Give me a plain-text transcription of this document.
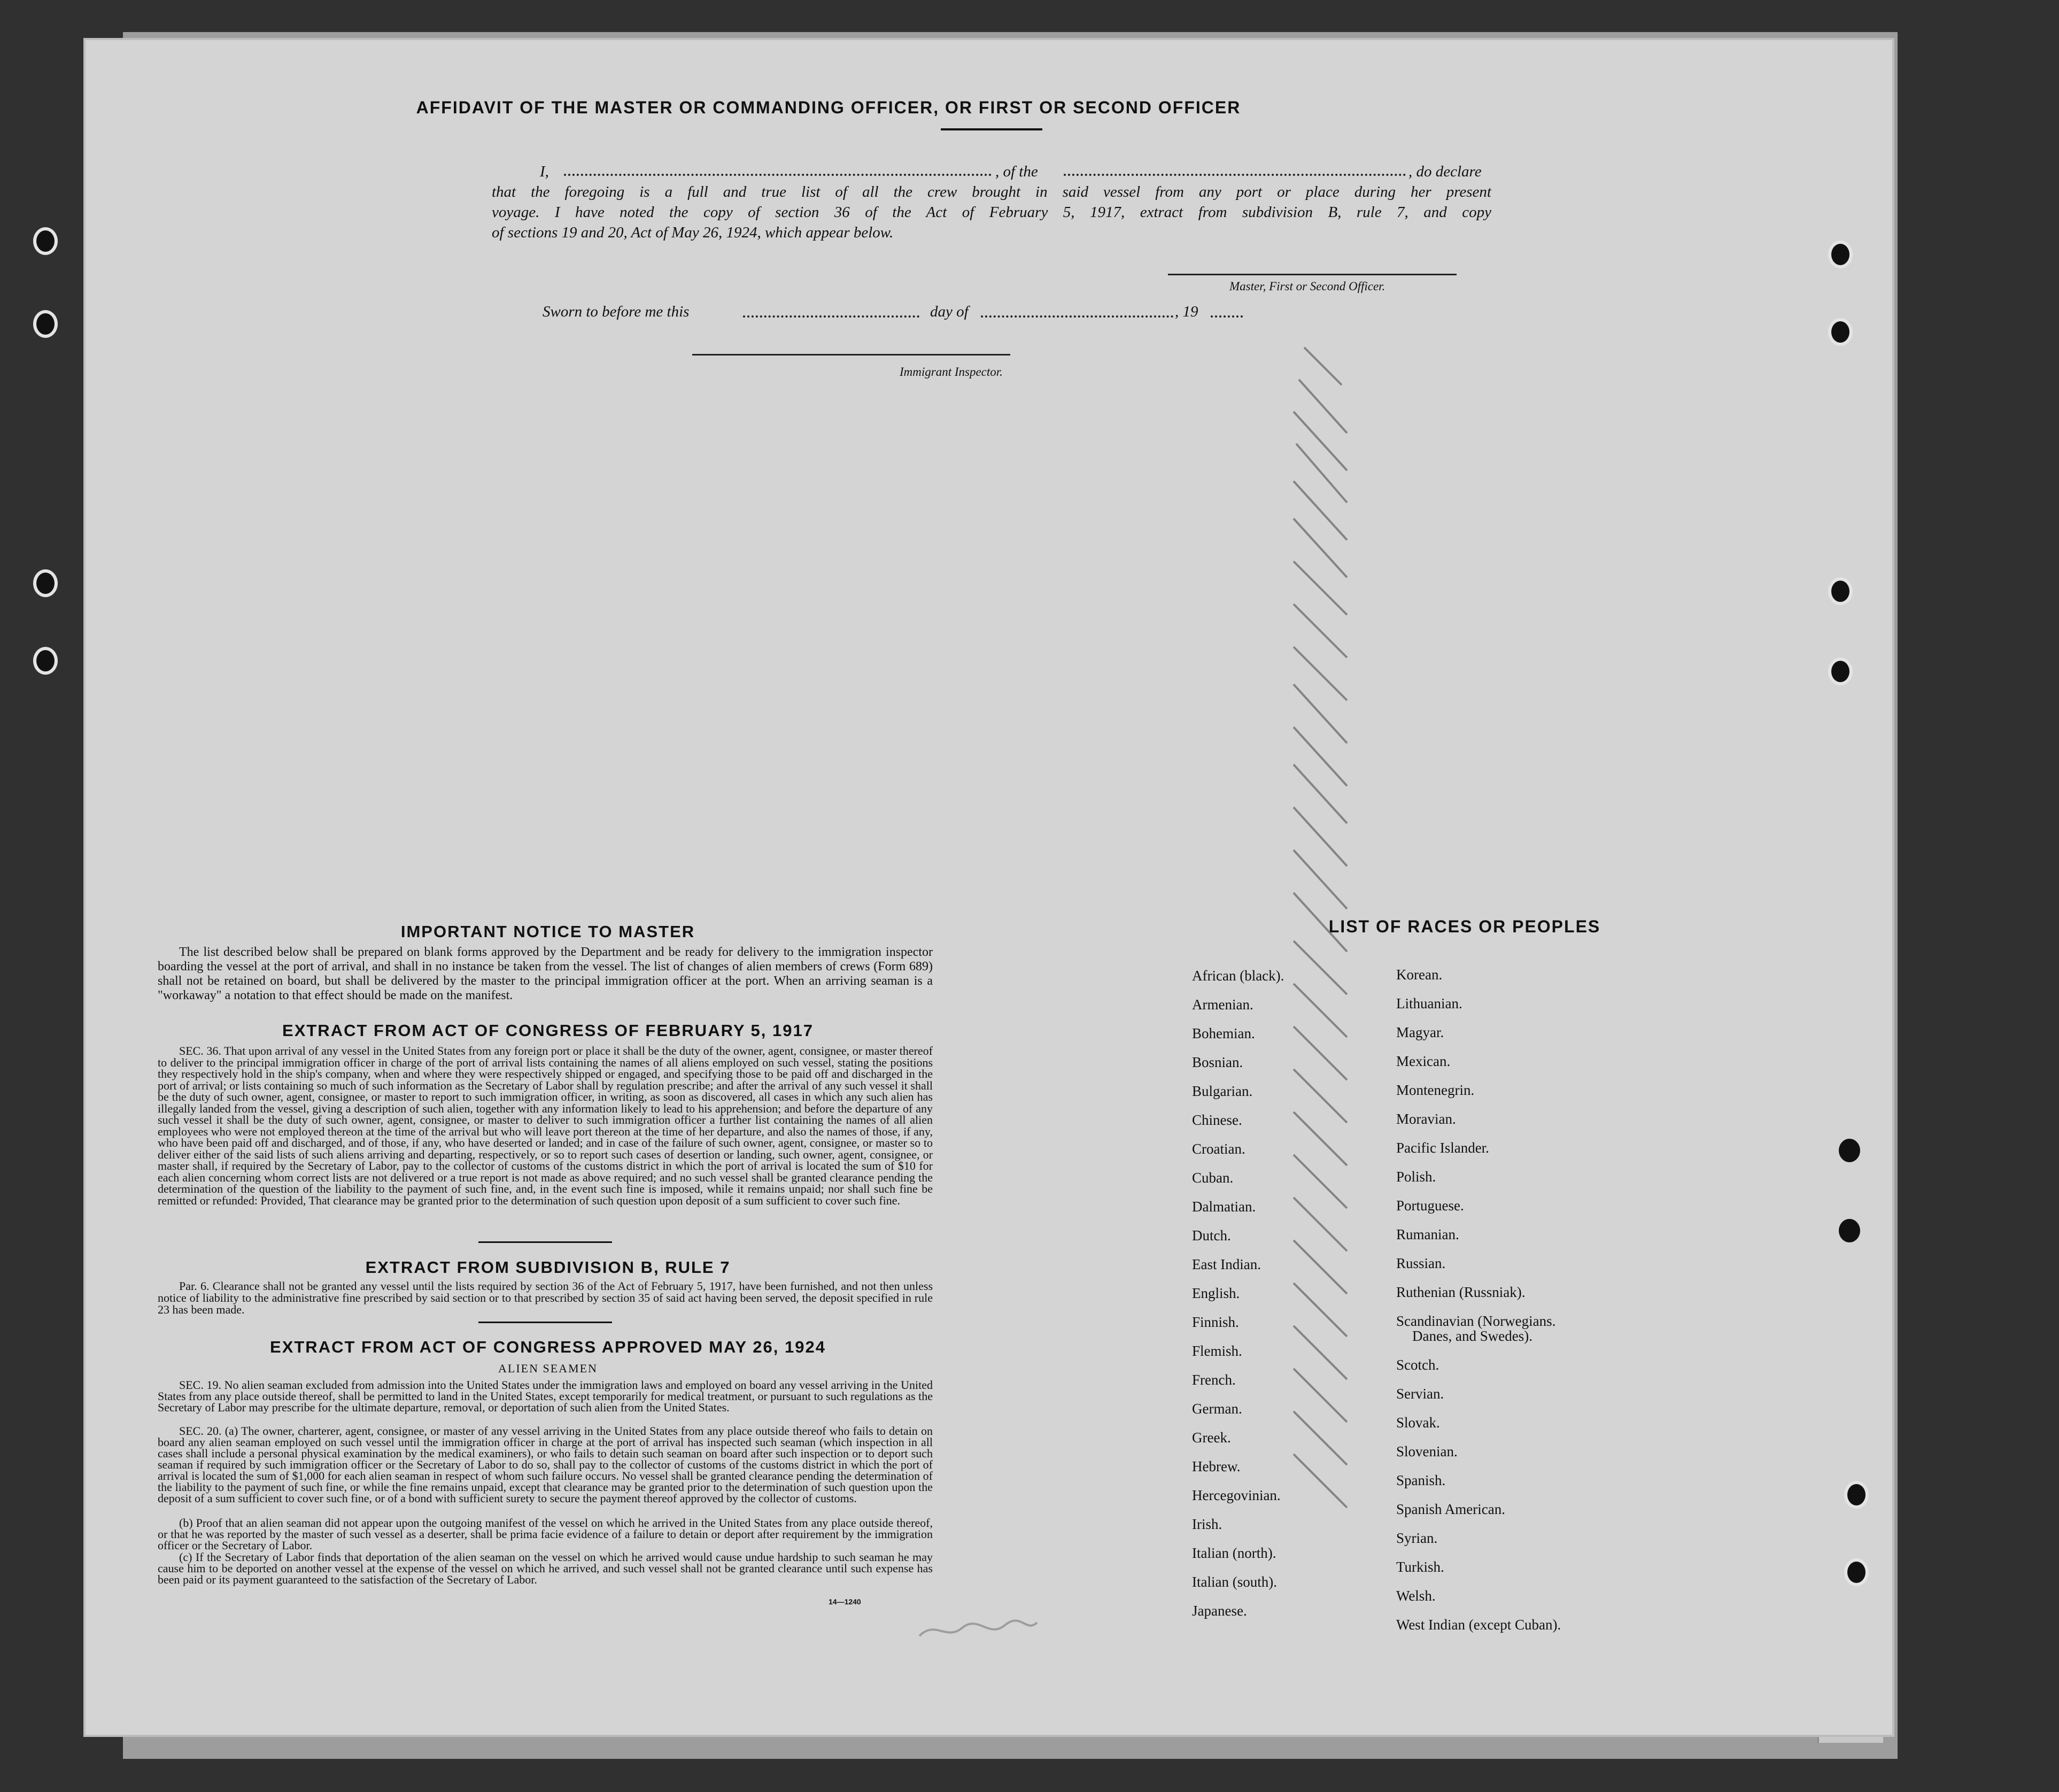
AFFIDAVIT OF THE MASTER OR COMMANDING OFFICER, OR FIRST OR SECOND OFFICER
I,	, of the	, do declare
that the foregoing is a full and true list of all the crew brought in said vessel from any port or place during her present
voyage. I have noted the copy of section 36 of the Act of February 5, 1917, extract from subdivision B, rule 7, and copy
of sections 19 and 20, Act of May 26, 1924, which appear below.
Master, First or Second Officer.
Sworn to before me this	day of	, 19
Immigrant Inspector.
IMPORTANT NOTICE TO MASTER
The list described below shall be prepared on blank forms approved by the Department and be ready for delivery to the immigration inspector boarding the vessel at the port of arrival, and shall in no instance be taken from the vessel. The list of changes of alien members of crews (Form 689) shall not be retained on board, but shall be delivered by the master to the principal immigration officer at the port. When an arriving seaman is a "workaway" a notation to that effect should be made on the manifest.
EXTRACT FROM ACT OF CONGRESS OF FEBRUARY 5, 1917
SEC. 36. That upon arrival of any vessel in the United States from any foreign port or place it shall be the duty of the owner, agent, consignee, or master thereof to deliver to the principal immigration officer in charge of the port of arrival lists containing the names of all aliens employed on such vessel, stating the positions they respectively hold in the ship's company, when and where they were respectively shipped or engaged, and specifying those to be paid off and discharged in the port of arrival; or lists containing so much of such information as the Secretary of Labor shall by regulation prescribe; and after the arrival of any such vessel it shall be the duty of such owner, agent, consignee, or master to report to such immigration officer, in writing, as soon as discovered, all cases in which any such alien has illegally landed from the vessel, giving a description of such alien, together with any information likely to lead to his apprehension; and before the departure of any such vessel it shall be the duty of such owner, agent, consignee, or master to deliver to such immigration officer a further list containing the names of all alien employees who were not employed thereon at the time of the arrival but who will leave port thereon at the time of her departure, and also the names of those, if any, who have been paid off and discharged, and of those, if any, who have deserted or landed; and in case of the failure of such owner, agent, consignee, or master so to deliver either of the said lists of such aliens arriving and departing, respectively, or so to report such cases of desertion or landing, such owner, agent, consignee, or master shall, if required by the Secretary of Labor, pay to the collector of customs of the customs district in which the port of arrival is located the sum of $10 for each alien concerning whom correct lists are not delivered or a true report is not made as above required; and no such vessel shall be granted clearance pending the determination of the question of the liability to the payment of such fine, and, in the event such fine is imposed, while it remains unpaid; nor shall such fine be remitted or refunded: Provided, That clearance may be granted prior to the determination of such question upon deposit of a sum sufficient to cover such fine.
EXTRACT FROM SUBDIVISION B, RULE 7
Par. 6. Clearance shall not be granted any vessel until the lists required by section 36 of the Act of February 5, 1917, have been furnished, and not then unless notice of liability to the administrative fine prescribed by said section or to that prescribed by section 35 of said act having been served, the deposit specified in rule 23 has been made.
EXTRACT FROM ACT OF CONGRESS APPROVED MAY 26, 1924
ALIEN SEAMEN
SEC. 19. No alien seaman excluded from admission into the United States under the immigration laws and employed on board any vessel arriving in the United States from any place outside thereof, shall be permitted to land in the United States, except temporarily for medical treatment, or pursuant to such regulations as the Secretary of Labor may prescribe for the ultimate departure, removal, or deportation of such alien from the United States.
SEC. 20. (a) The owner, charterer, agent, consignee, or master of any vessel arriving in the United States from any place outside thereof who fails to detain on board any alien seaman employed on such vessel until the immigration officer in charge at the port of arrival has inspected such seaman (which inspection in all cases shall include a personal physical examination by the medical examiners), or who fails to detain such seaman on board after such inspection or to deport such seaman if required by such immigration officer or the Secretary of Labor to do so, shall pay to the collector of customs of the customs district in which the port of arrival is located the sum of $1,000 for each alien seaman in respect of whom such failure occurs. No vessel shall be granted clearance pending the determination of the liability to the payment of such fine, or while the fine remains unpaid, except that clearance may be granted prior to the determination of such question upon the deposit of a sum sufficient to cover such fine, or of a bond with sufficient surety to secure the payment thereof approved by the collector of customs.
(b) Proof that an alien seaman did not appear upon the outgoing manifest of the vessel on which he arrived in the United States from any place outside thereof, or that he was reported by the master of such vessel as a deserter, shall be prima facie evidence of a failure to detain or deport after requirement by the immigration officer or the Secretary of Labor.
(c) If the Secretary of Labor finds that deportation of the alien seaman on the vessel on which he arrived would cause undue hardship to such seaman he may cause him to be deported on another vessel at the expense of the vessel on which he arrived, and such vessel shall not be granted clearance until such expense has been paid or its payment guaranteed to the satisfaction of the Secretary of Labor.
14—1240
LIST OF RACES OR PEOPLES
African (black).
Armenian.
Bohemian.
Bosnian.
Bulgarian.
Chinese.
Croatian.
Cuban.
Dalmatian.
Dutch.
East Indian.
English.
Finnish.
Flemish.
French.
German.
Greek.
Hebrew.
Hercegovinian.
Irish.
Italian (north).
Italian (south).
Japanese.
Korean.
Lithuanian.
Magyar.
Mexican.
Montenegrin.
Moravian.
Pacific Islander.
Polish.
Portuguese.
Rumanian.
Russian.
Ruthenian (Russniak).
Scandinavian (Norwegians.
Danes, and Swedes).
Scotch.
Servian.
Slovak.
Slovenian.
Spanish.
Spanish American.
Syrian.
Turkish.
Welsh.
West Indian (except Cuban).
